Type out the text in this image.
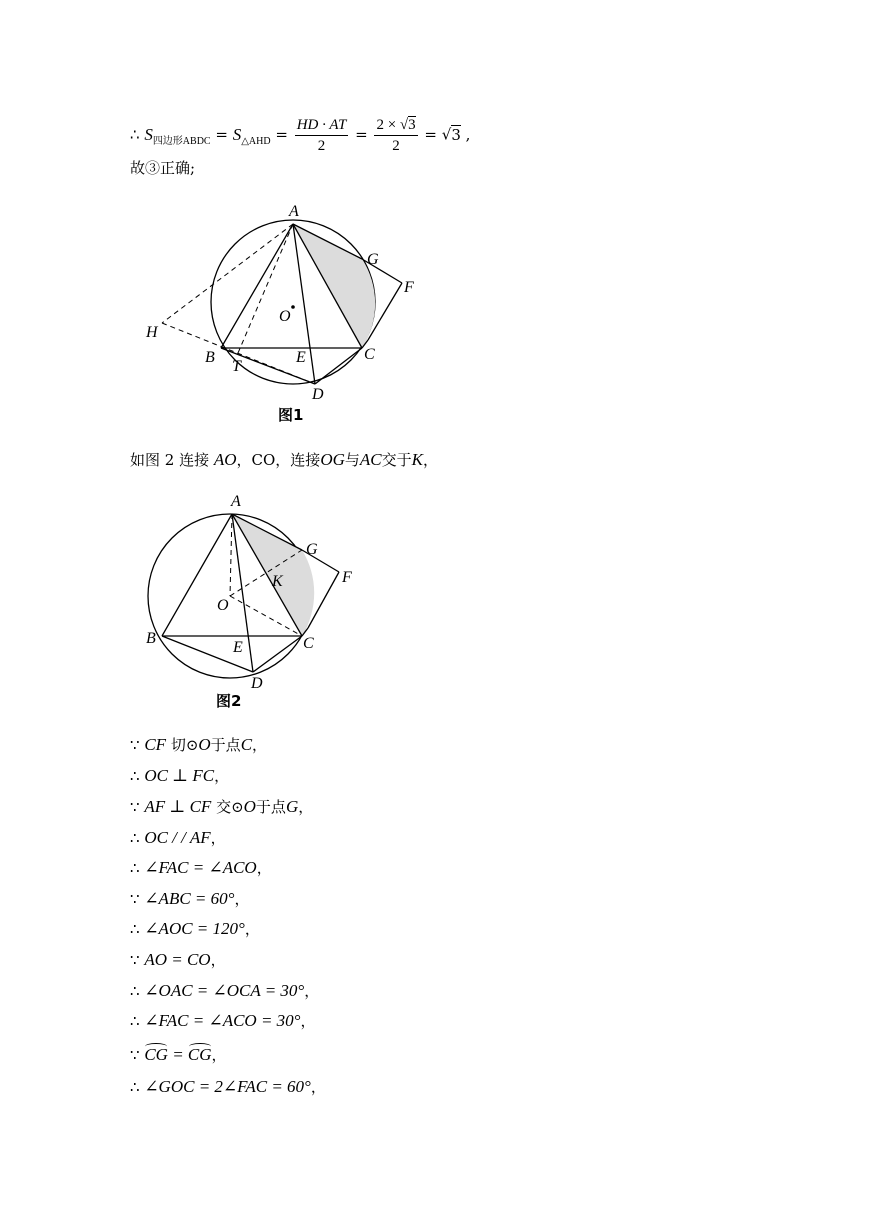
∴ $S_{四边形ABDC} = S_{\triangle AHD} = \frac{HD \cdot AT}{2} = \frac{2 \times √3}{2} = √3$ ,
故③正确;
A
G
F
H
O
B
T
E	C
D
图1
如图 2 连接 AO，CO，连接OG与AC交于K，
A
G
F
K
O
B
E	C
D
图2
∵ CF 切⊙O于点C，
∴ OC ⊥ FC，
∵ AF ⊥ CF 交⊙O于点G，
∴ OC / / AF，
∴ ∠FAC = ∠ACO，
∵ ∠ABC = 60°，
∴ ∠AOC = 120°，
∵ AO = CO，
∴ ∠OAC = ∠OCA = 30°，
∴ ∠FAC = ∠ACO = 30°，
∵ CG = CG，
∴ ∠GOC = 2∠FAC = 60°，
